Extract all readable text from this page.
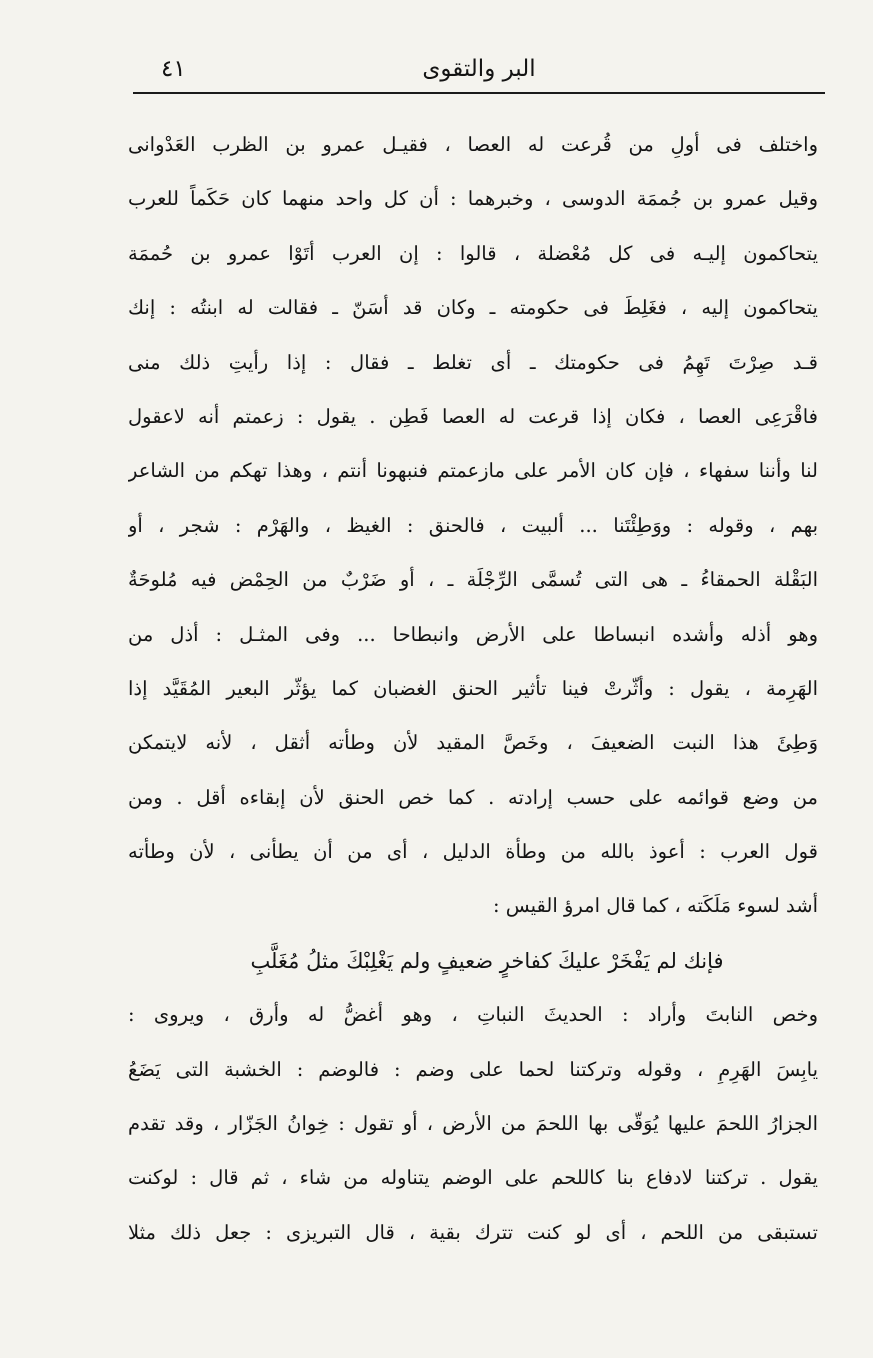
البر والتقوى
٤١
واختلف فى أولِ من قُرعت له العصا ، فقيـل عمرو بن الظرب العَدْوانى
وقيل عمرو بن جُممَة الدوسى ، وخبرهما : أن كل واحد منهما كان حَكَماً للعرب
يتحاكمون إليـه فى كل مُعْضلة ، قالوا : إن العرب أتَوْا عمرو بن حُممَة
يتحاكمون إليه ، فغَلِطَ فى حكومته ـ وكان قد أسَنّ ـ فقالت له ابنتُه : إنك
قـد صِرْتَ تَهِمُ فى حكومتك ـ أى تغلط ـ فقال : إذا رأيتِ ذلك منى
فاقْرَعِى العصا ، فكان إذا قرعت له العصا فَطِن . يقول : زعمتم أنه لاعقول
لنا وأننا سفهاء ، فإن كان الأمر على مازعمتم فنبهونا أنتم ، وهذا تهكم من الشاعر
بهم ، وقوله : ووَطِئْتَنا ... ألبيت ، فالحنق : الغيظ ، والهَرْم : شجر ، أو
البَقْلة الحمقاءُ ـ هى التى تُسمَّى الرِّجْلَة ـ ، أو ضَرْبٌ من الحِمْض فيه مُلوحَةٌ
وهو أذله وأشده انبساطا على الأرض وانبطاحا ... وفى المثـل : أذل من
الهَرِمة ، يقول : وأثّرتْ فينا تأثير الحنق الغضبان كما يؤثّر البعير المُقَيَّد إذا
وَطِئَ هذا النبت الضعيفَ ، وخَصَّ المقيد لأن وطأته أثقل ، لأنه لايتمكن
من وضع قوائمه على حسب إرادته . كما خص الحنق لأن إبقاءه أقل . ومن
قول العرب : أعوذ بالله من وطأة الدليل ، أى من أن يطأنى ، لأن وطأته
أشد لسوء مَلَكَته ، كما قال امرؤ القيس :
فإنك لم يَفْخَرْ عليكَ كفاخرٍ ضعيفٍ ولم يَغْلِبْكَ مثلُ مُغَلَّبِ
وخص النابتَ وأراد : الحديثَ النباتِ ، وهو أغضُّ له وأرق ، ويروى :
يابِسَ الهَرِمِ ، وقوله وتركتنا لحما على وضم : فالوضم : الخشبة التى يَضَعُ
الجزارُ اللحمَ عليها يُوَقّى بها اللحمَ من الأرض ، أو تقول : خِوانُ الجَزّار ، وقد تقدم
يقول . تركتنا لادفاع بنا كاللحم على الوضم يتناوله من شاء ، ثم قال : لوكنت
تستبقى من اللحم ، أى لو كنت تترك بقية ، قال التبريزى : جعل ذلك مثلا
